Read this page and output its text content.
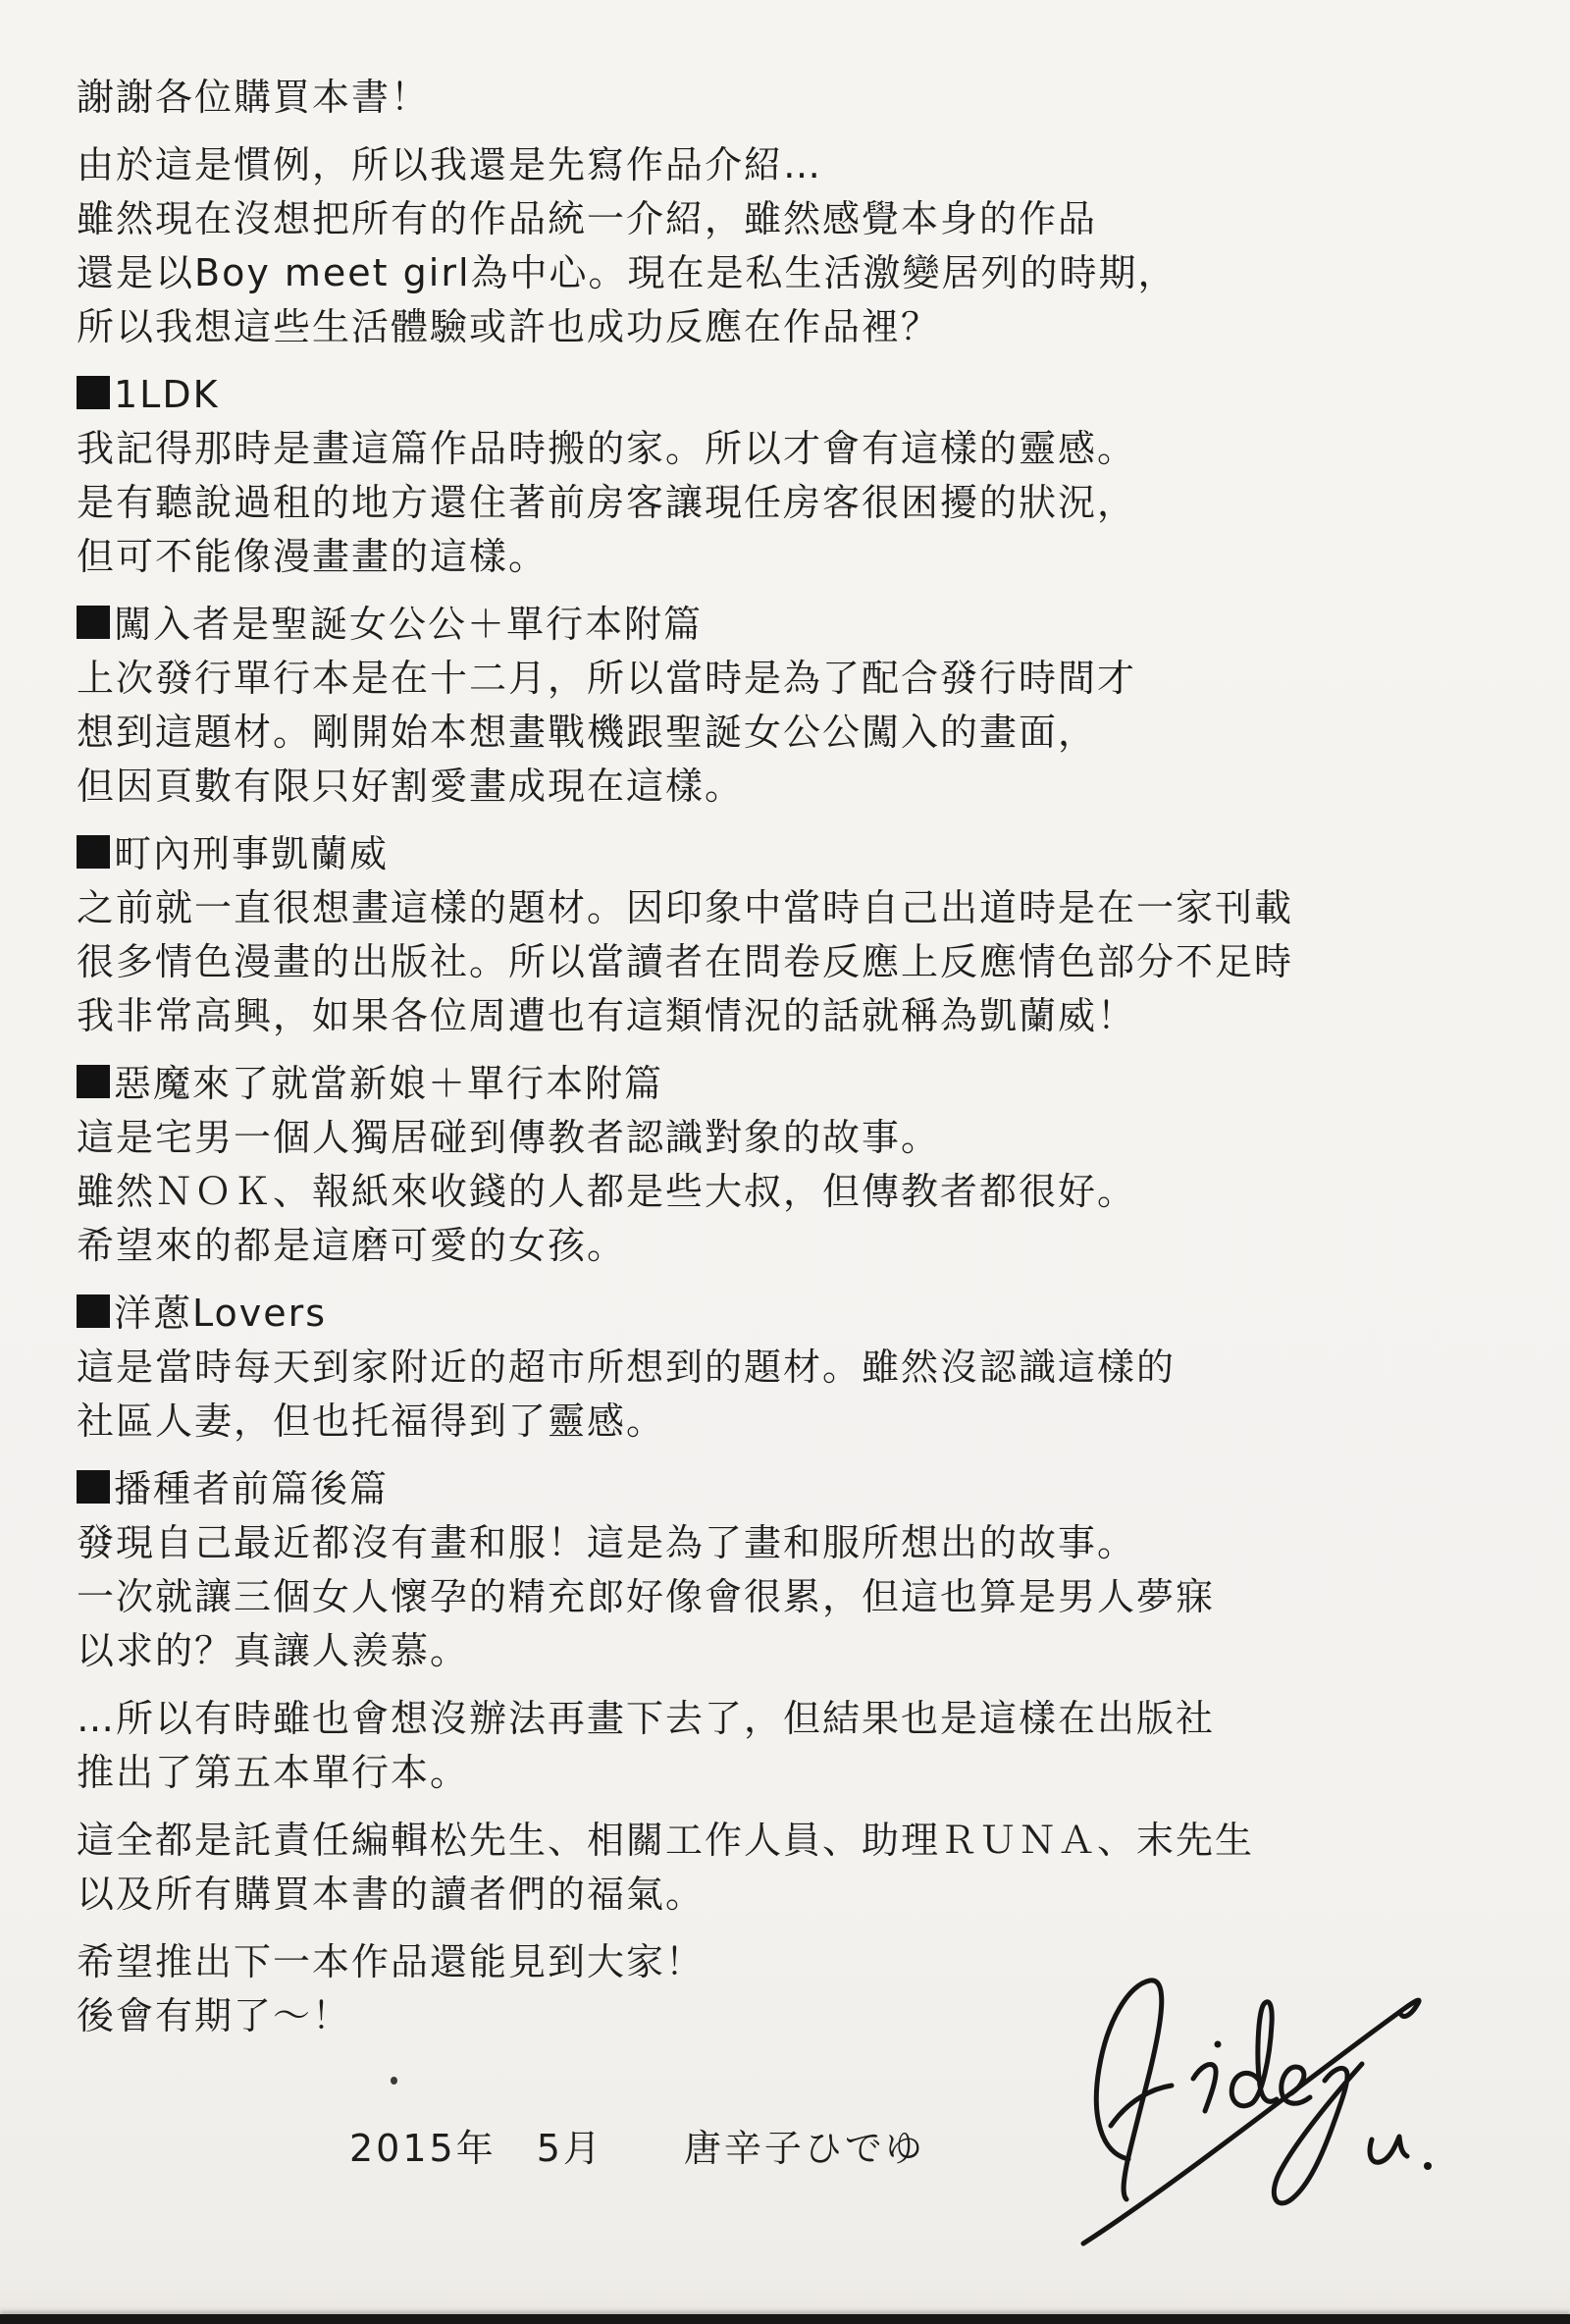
謝謝各位購買本書！

由於這是慣例，所以我還是先寫作品介紹…
雖然現在沒想把所有的作品統一介紹，雖然感覺本身的作品
還是以Boy meet girl為中心。現在是私生活激變居列的時期，
所以我想這些生活體驗或許也成功反應在作品裡？

1LDK
我記得那時是畫這篇作品時搬的家。所以才會有這樣的靈感。
是有聽說過租的地方還住著前房客讓現任房客很困擾的狀況，
但可不能像漫畫畫的這樣。
闖入者是聖誕女公公＋單行本附篇
上次發行單行本是在十二月，所以當時是為了配合發行時間才
想到這題材。剛開始本想畫戰機跟聖誕女公公闖入的畫面，
但因頁數有限只好割愛畫成現在這樣。
町內刑事凱蘭威
之前就一直很想畫這樣的題材。因印象中當時自己出道時是在一家刊載
很多情色漫畫的出版社。所以當讀者在問卷反應上反應情色部分不足時
我非常高興，如果各位周遭也有這類情況的話就稱為凱蘭威！
惡魔來了就當新娘＋單行本附篇
這是宅男一個人獨居碰到傳教者認識對象的故事。
雖然ＮＯＫ、報紙來收錢的人都是些大叔，但傳教者都很好。
希望來的都是這磨可愛的女孩。
洋蔥Lovers
這是當時每天到家附近的超市所想到的題材。雖然沒認識這樣的
社區人妻，但也托福得到了靈感。
播種者前篇後篇
發現自己最近都沒有畫和服！這是為了畫和服所想出的故事。
一次就讓三個女人懷孕的精充郎好像會很累，但這也算是男人夢寐
以求的？真讓人羨慕。

…所以有時雖也會想沒辦法再畫下去了，但結果也是這樣在出版社
推出了第五本單行本。

這全都是託責任編輯松先生、相關工作人員、助理ＲＵＮＡ、末先生
以及所有購買本書的讀者們的福氣。

希望推出下一本作品還能見到大家！
後會有期了～！

2015年　5月　　唐辛子ひでゆ
